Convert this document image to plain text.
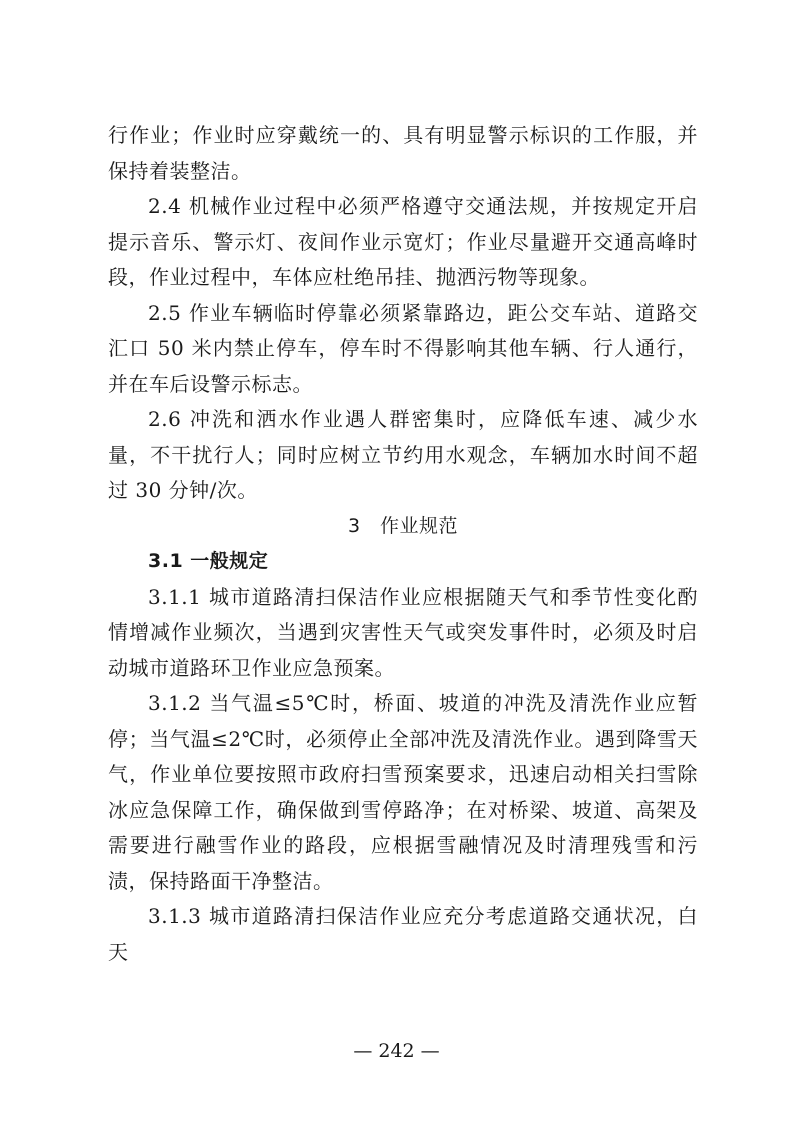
行作业；作业时应穿戴统一的、具有明显警示标识的工作服，并保持着装整洁。

2.4 机械作业过程中必须严格遵守交通法规，并按规定开启提示音乐、警示灯、夜间作业示宽灯；作业尽量避开交通高峰时段，作业过程中，车体应杜绝吊挂、抛洒污物等现象。

2.5 作业车辆临时停靠必须紧靠路边，距公交车站、道路交汇口 50 米内禁止停车，停车时不得影响其他车辆、行人通行，并在车后设警示标志。

2.6 冲洗和洒水作业遇人群密集时，应降低车速、减少水量，不干扰行人；同时应树立节约用水观念，车辆加水时间不超过 30 分钟/次。

3　作业规范

3.1 一般规定

3.1.1 城市道路清扫保洁作业应根据随天气和季节性变化酌情增减作业频次，当遇到灾害性天气或突发事件时，必须及时启动城市道路环卫作业应急预案。

3.1.2 当气温≤5℃时，桥面、坡道的冲洗及清洗作业应暂停；当气温≤2℃时，必须停止全部冲洗及清洗作业。遇到降雪天气，作业单位要按照市政府扫雪预案要求，迅速启动相关扫雪除冰应急保障工作，确保做到雪停路净；在对桥梁、坡道、高架及需要进行融雪作业的路段，应根据雪融情况及时清理残雪和污渍，保持路面干净整洁。

3.1.3 城市道路清扫保洁作业应充分考虑道路交通状况，白天

— 242 —
